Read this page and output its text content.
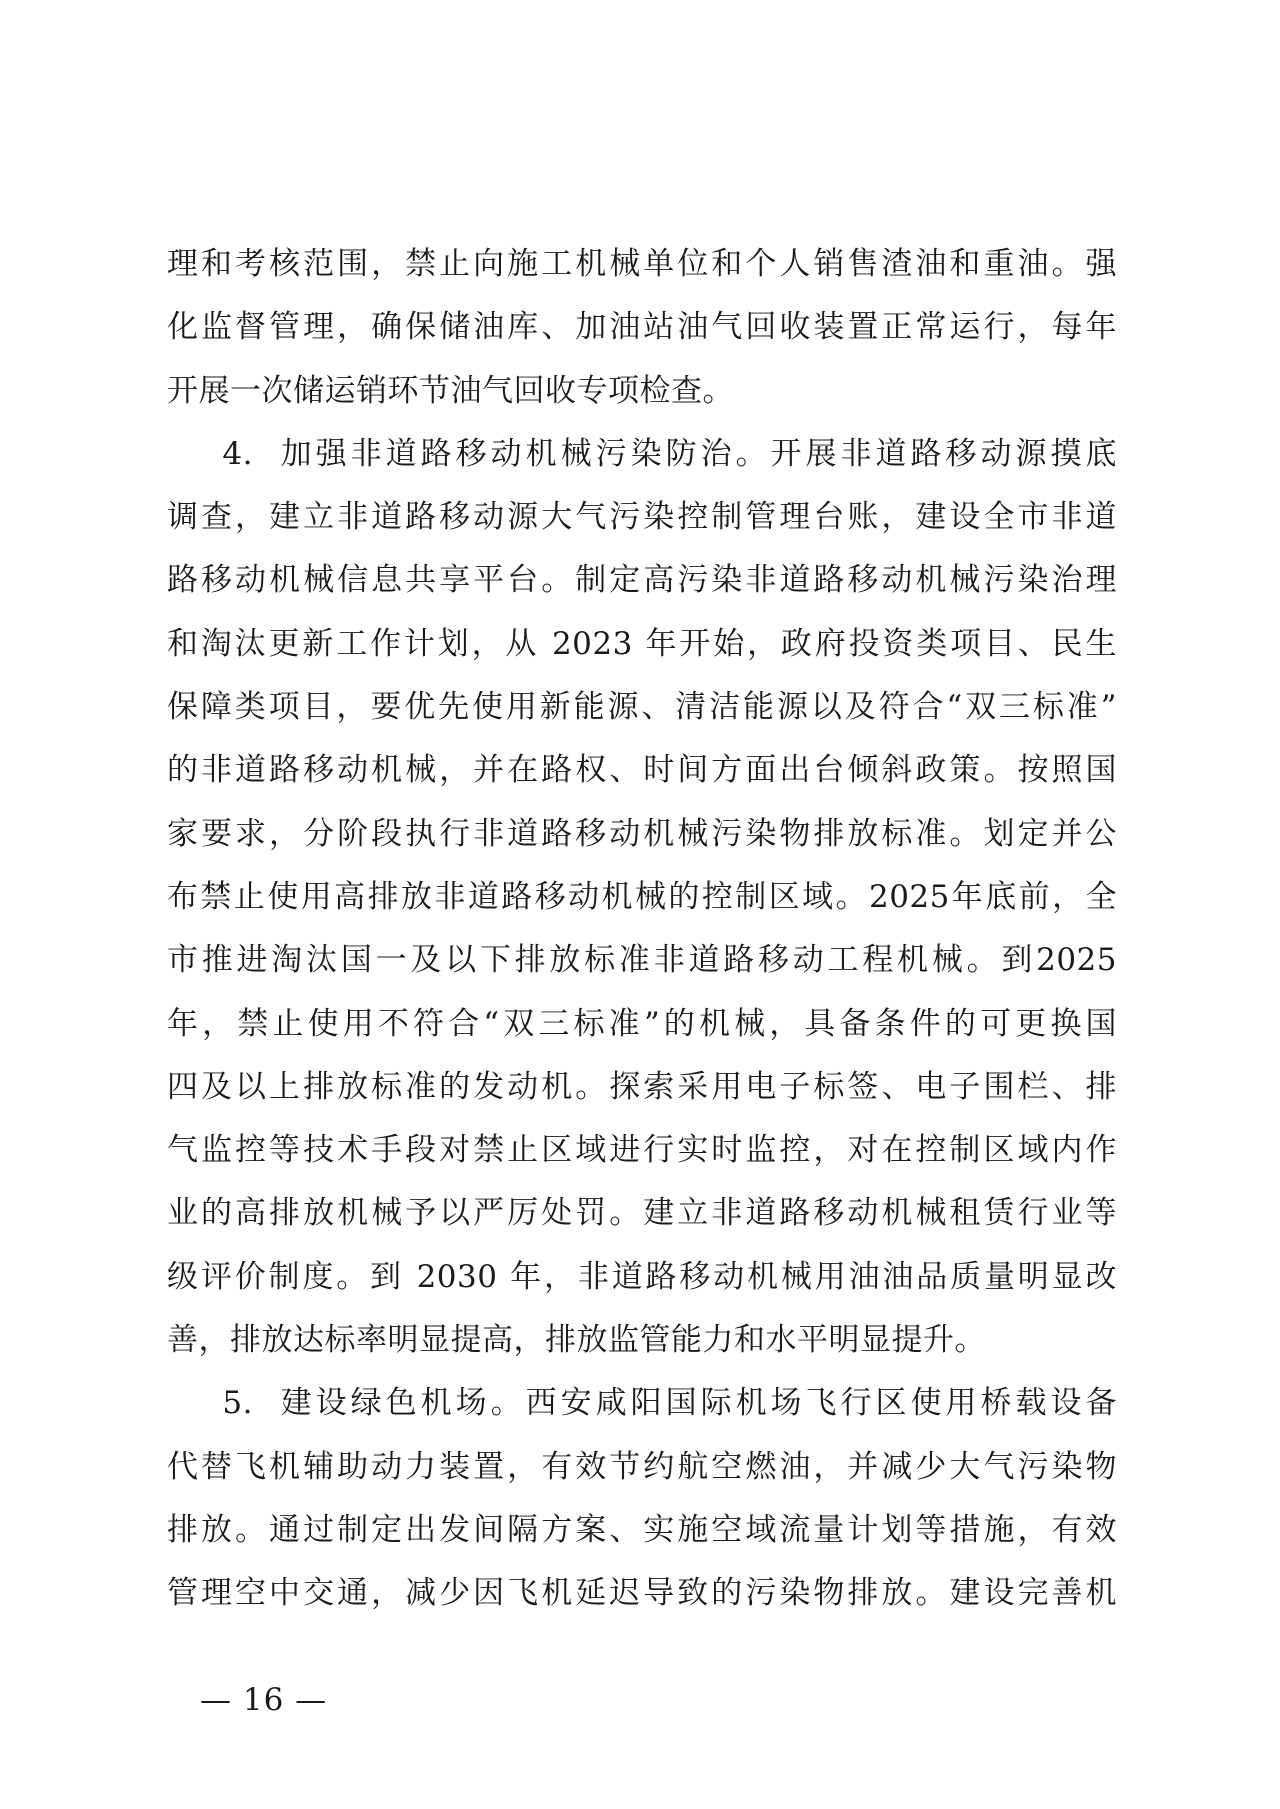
理和考核范围，禁止向施工机械单位和个人销售渣油和重油。强
化监督管理，确保储油库、加油站油气回收装置正常运行，每年
开展一次储运销环节油气回收专项检查。
4.  加强非道路移动机械污染防治。开展非道路移动源摸底
调查，建立非道路移动源大气污染控制管理台账，建设全市非道
路移动机械信息共享平台。制定高污染非道路移动机械污染治理
和淘汰更新工作计划，从 2023 年开始，政府投资类项目、民生
保障类项目，要优先使用新能源、清洁能源以及符合“双三标准”
的非道路移动机械，并在路权、时间方面出台倾斜政策。按照国
家要求，分阶段执行非道路移动机械污染物排放标准。划定并公
布禁止使用高排放非道路移动机械的控制区域。2025年底前，全
市推进淘汰国一及以下排放标准非道路移动工程机械。到2025
年，禁止使用不符合“双三标准”的机械，具备条件的可更换国
四及以上排放标准的发动机。探索采用电子标签、电子围栏、排
气监控等技术手段对禁止区域进行实时监控，对在控制区域内作
业的高排放机械予以严厉处罚。建立非道路移动机械租赁行业等
级评价制度。到 2030 年，非道路移动机械用油油品质量明显改
善，排放达标率明显提高，排放监管能力和水平明显提升。
5.  建设绿色机场。西安咸阳国际机场飞行区使用桥载设备
代替飞机辅助动力装置，有效节约航空燃油，并减少大气污染物
排放。通过制定出发间隔方案、实施空域流量计划等措施，有效
管理空中交通，减少因飞机延迟导致的污染物排放。建设完善机
— 16 —
